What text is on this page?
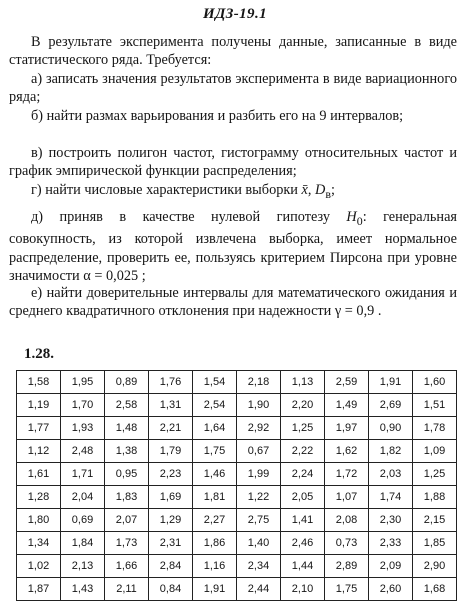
ИДЗ-19.1

В результате эксперимента получены данные, записанные в виде статистического ряда. Требуется:

а) записать значения результатов эксперимента в виде вариационного ряда;

б) найти размах варьирования и разбить его на 9 интервалов;

в) построить полигон частот, гистограмму относительных частот и график эмпирической функции распределения;

г) найти числовые характеристики выборки x̄, $D_в$;

д) приняв в качестве нулевой гипотезу $H_0$: генеральная совокупность, из которой извлечена выборка, имеет нормальное распределение, проверить ее, пользуясь критерием Пирсона при уровне значимости α = 0,025 ;

е) найти доверительные интервалы для математического ожидания и среднего квадратичного отклонения при надежности γ = 0,9 .

1.28.
1,58	1,95	0,89	1,76	1,54	2,18	1,13	2,59	1,91	1,60
1,19	1,70	2,58	1,31	2,54	1,90	2,20	1,49	2,69	1,51
1,77	1,93	1,48	2,21	1,64	2,92	1,25	1,97	0,90	1,78
1,12	2,48	1,38	1,79	1,75	0,67	2,22	1,62	1,82	1,09
1,61	1,71	0,95	2,23	1,46	1,99	2,24	1,72	2,03	1,25
1,28	2,04	1,83	1,69	1,81	1,22	2,05	1,07	1,74	1,88
1,80	0,69	2,07	1,29	2,27	2,75	1,41	2,08	2,30	2,15
1,34	1,84	1,73	2,31	1,86	1,40	2,46	0,73	2,33	1,85
1,02	2,13	1,66	2,84	1,16	2,34	1,44	2,89	2,09	2,90
1,87	1,43	2,11	0,84	1,91	2,44	2,10	1,75	2,60	1,68
